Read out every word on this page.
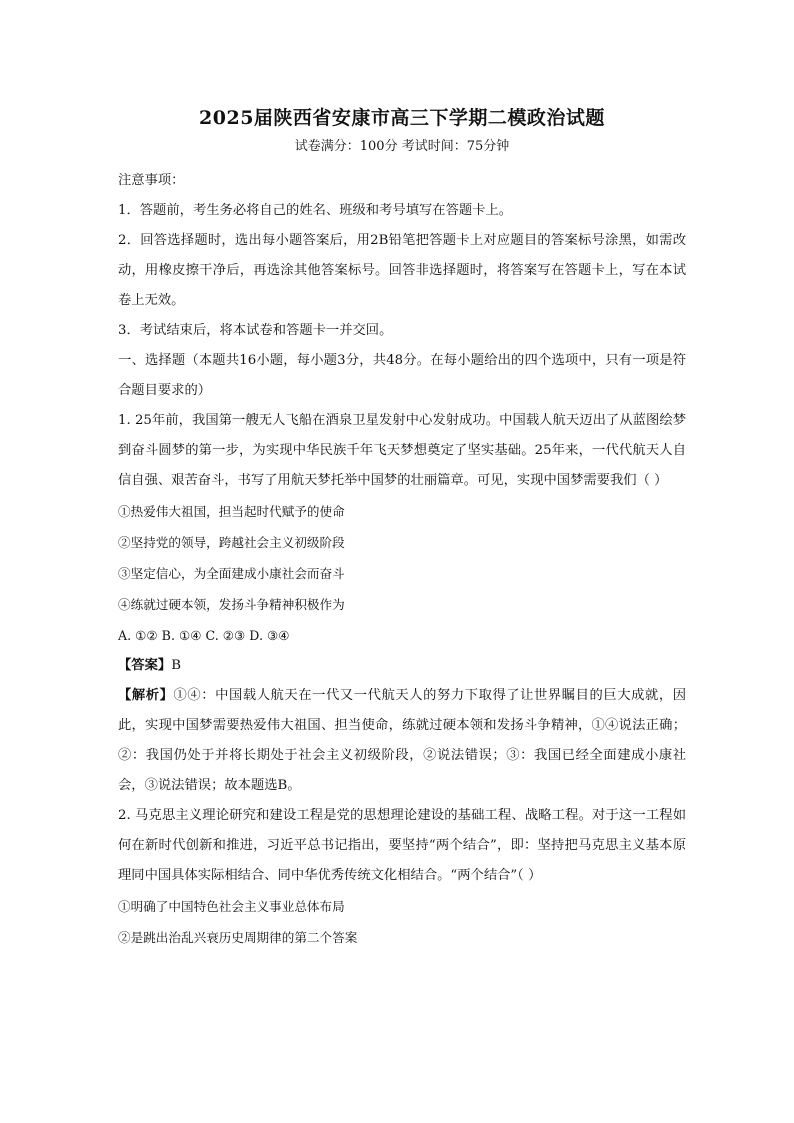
2025届陕西省安康市高三下学期二模政治试题

试卷满分：100分 考试时间：75分钟

注意事项：

1．答题前，考生务必将自己的姓名、班级和考号填写在答题卡上。

2．回答选择题时，选出每小题答案后，用2B铅笔把答题卡上对应题目的答案标号涂黑，如需改动，用橡皮擦干净后，再选涂其他答案标号。回答非选择题时，将答案写在答题卡上，写在本试卷上无效。

3．考试结束后，将本试卷和答题卡一并交回。

一、选择题（本题共16小题，每小题3分，共48分。在每小题给出的四个选项中，只有一项是符合题目要求的）

1. 25年前，我国第一艘无人飞船在酒泉卫星发射中心发射成功。中国载人航天迈出了从蓝图绘梦到奋斗圆梦的第一步，为实现中华民族千年飞天梦想奠定了坚实基础。25年来，一代代航天人自信自强、艰苦奋斗，书写了用航天梦托举中国梦的壮丽篇章。可见，实现中国梦需要我们（ ）

①热爱伟大祖国，担当起时代赋予的使命

②坚持党的领导，跨越社会主义初级阶段

③坚定信心，为全面建成小康社会而奋斗

④练就过硬本领，发扬斗争精神积极作为

A. ①② B. ①④ C. ②③ D. ③④

【答案】B

【解析】①④：中国载人航天在一代又一代航天人的努力下取得了让世界瞩目的巨大成就，因此，实现中国梦需要热爱伟大祖国、担当使命，练就过硬本领和发扬斗争精神，①④说法正确；②：我国仍处于并将长期处于社会主义初级阶段，②说法错误；③：我国已经全面建成小康社会，③说法错误；故本题选B。

2. 马克思主义理论研究和建设工程是党的思想理论建设的基础工程、战略工程。对于这一工程如何在新时代创新和推进，习近平总书记指出，要坚持“两个结合”，即：坚持把马克思主义基本原理同中国具体实际相结合、同中华优秀传统文化相结合。“两个结合”（ ）

①明确了中国特色社会主义事业总体布局

②是跳出治乱兴衰历史周期律的第二个答案
